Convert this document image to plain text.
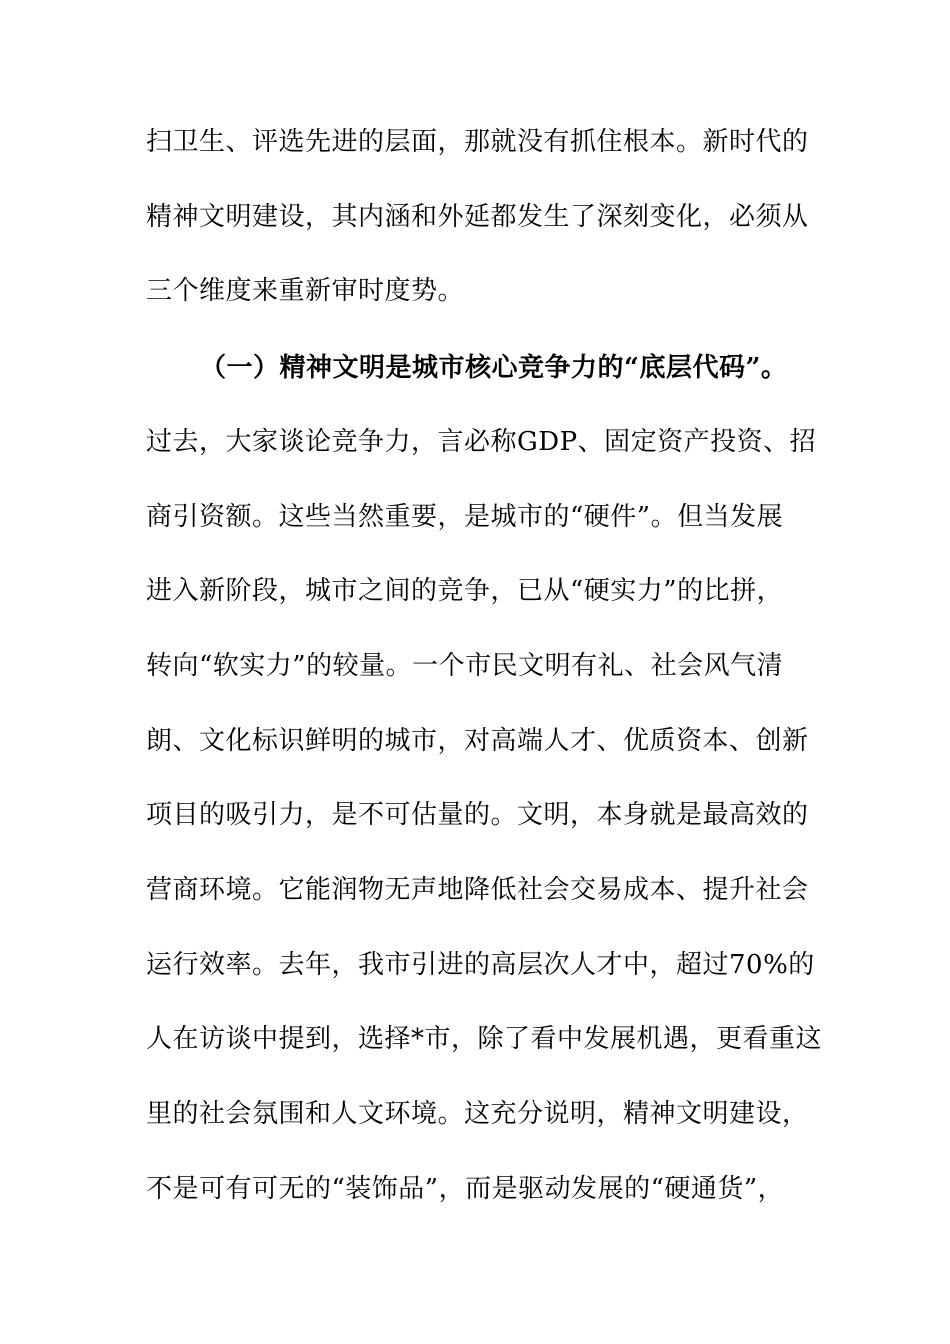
扫卫生、评选先进的层面，那就没有抓住根本。新时代的
精神文明建设，其内涵和外延都发生了深刻变化，必须从
三个维度来重新审时度势。
（一）精神文明是城市核心竞争力的“底层代码”。
过去，大家谈论竞争力，言必称GDP、固定资产投资、招
商引资额。这些当然重要，是城市的“硬件”。但当发展
进入新阶段，城市之间的竞争，已从“硬实力”的比拼，
转向“软实力”的较量。一个市民文明有礼、社会风气清
朗、文化标识鲜明的城市，对高端人才、优质资本、创新
项目的吸引力，是不可估量的。文明，本身就是最高效的
营商环境。它能润物无声地降低社会交易成本、提升社会
运行效率。去年，我市引进的高层次人才中，超过70%的
人在访谈中提到，选择*市，除了看中发展机遇，更看重这
里的社会氛围和人文环境。这充分说明，精神文明建设，
不是可有可无的“装饰品”，而是驱动发展的“硬通货”，
